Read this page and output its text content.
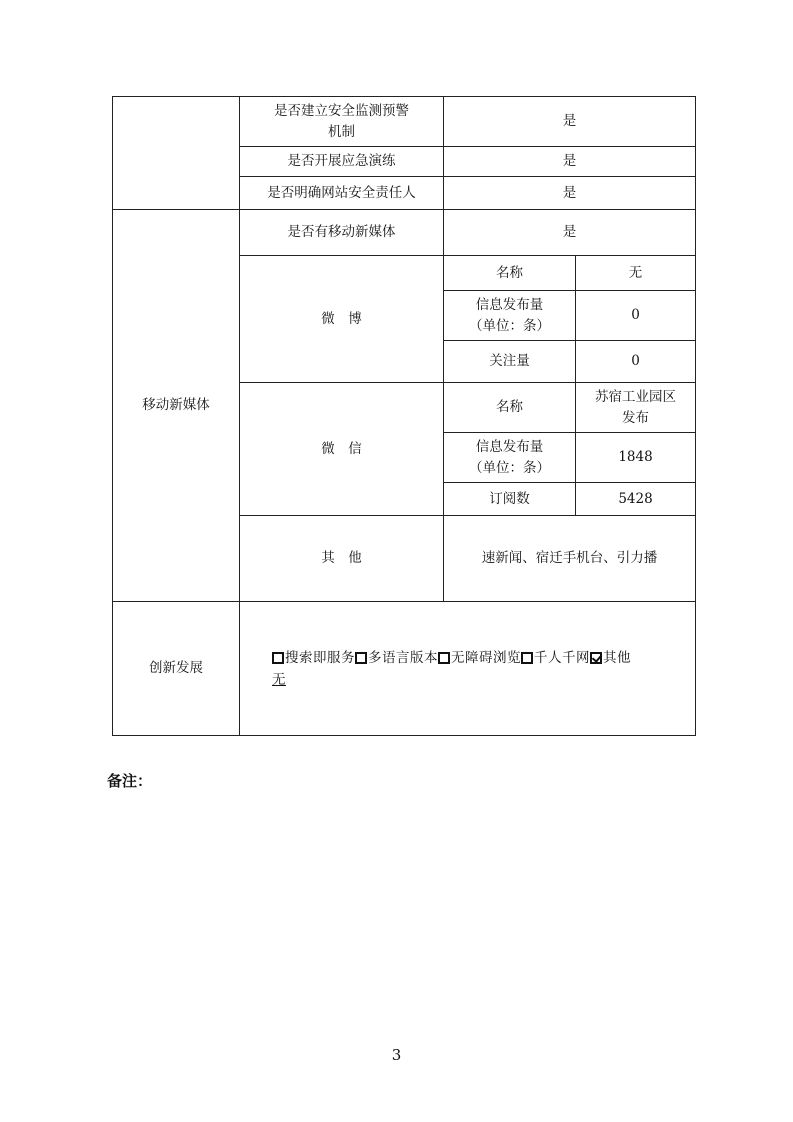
	是否建立安全监测预警
机制	是	
	是否开展应急演练	是	
	是否明确网站安全责任人	是	
移动新媒体	是否有移动新媒体	是	
	微　博	名称	无
		信息发布量
（单位：条）	0
		关注量	0
	微　信	名称	苏宿工业园区
发布
		信息发布量
（单位：条）	1848
		订阅数	5428
	其　他	速新闻、宿迁手机台、引力播	
创新发展	搜索即服务 多语言版本 无障碍浏览 千人千网 其他
无		
备注：
3
